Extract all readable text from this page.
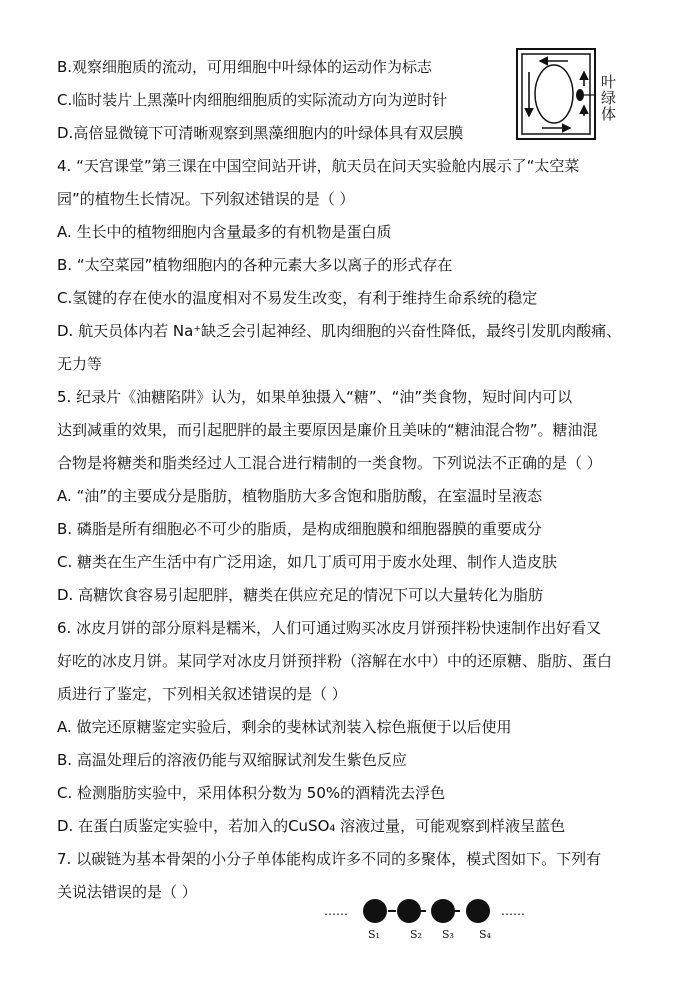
B.观察细胞质的流动，可用细胞中叶绿体的运动作为标志
C.临时装片上黑藻叶肉细胞细胞质的实际流动方向为逆时针
D.高倍显微镜下可清晰观察到黑藻细胞内的叶绿体具有双层膜
4. “天宫课堂”第三课在中国空间站开讲，航天员在问天实验舱内展示了“太空菜
园”的植物生长情况。下列叙述错误的是（ ）
A. 生长中的植物细胞内含量最多的有机物是蛋白质
B. “太空菜园”植物细胞内的各种元素大多以离子的形式存在
C.氢键的存在使水的温度相对不易发生改变，有利于维持生命系统的稳定
D. 航天员体内若 Na⁺缺乏会引起神经、肌肉细胞的兴奋性降低，最终引发肌肉酸痛、
无力等
5. 纪录片《油糖陷阱》认为，如果单独摄入“糖”、“油”类食物，短时间内可以
达到减重的效果，而引起肥胖的最主要原因是廉价且美味的“糖油混合物”。糖油混
合物是将糖类和脂类经过人工混合进行精制的一类食物。下列说法不正确的是（ ）
A. “油”的主要成分是脂肪，植物脂肪大多含饱和脂肪酸，在室温时呈液态
B. 磷脂是所有细胞必不可少的脂质，是构成细胞膜和细胞器膜的重要成分
C. 糖类在生产生活中有广泛用途，如几丁质可用于废水处理、制作人造皮肤
D. 高糖饮食容易引起肥胖，糖类在供应充足的情况下可以大量转化为脂肪
6. 冰皮月饼的部分原料是糯米，人们可通过购买冰皮月饼预拌粉快速制作出好看又
好吃的冰皮月饼。某同学对冰皮月饼预拌粉（溶解在水中）中的还原糖、脂肪、蛋白
质进行了鉴定，下列相关叙述错误的是（ ）
A. 做完还原糖鉴定实验后，剩余的斐林试剂装入棕色瓶便于以后使用
B. 高温处理后的溶液仍能与双缩脲试剂发生紫色反应
C. 检测脂肪实验中，采用体积分数为 50%的酒精洗去浮色
D. 在蛋白质鉴定实验中，若加入的CuSO₄ 溶液过量，可能观察到样液呈蓝色
7. 以碳链为基本骨架的小分子单体能构成许多不同的多聚体，模式图如下。下列有
关说法错误的是（ ）
叶
绿
体
……	……
S₁	S₂ S₃ S₄
